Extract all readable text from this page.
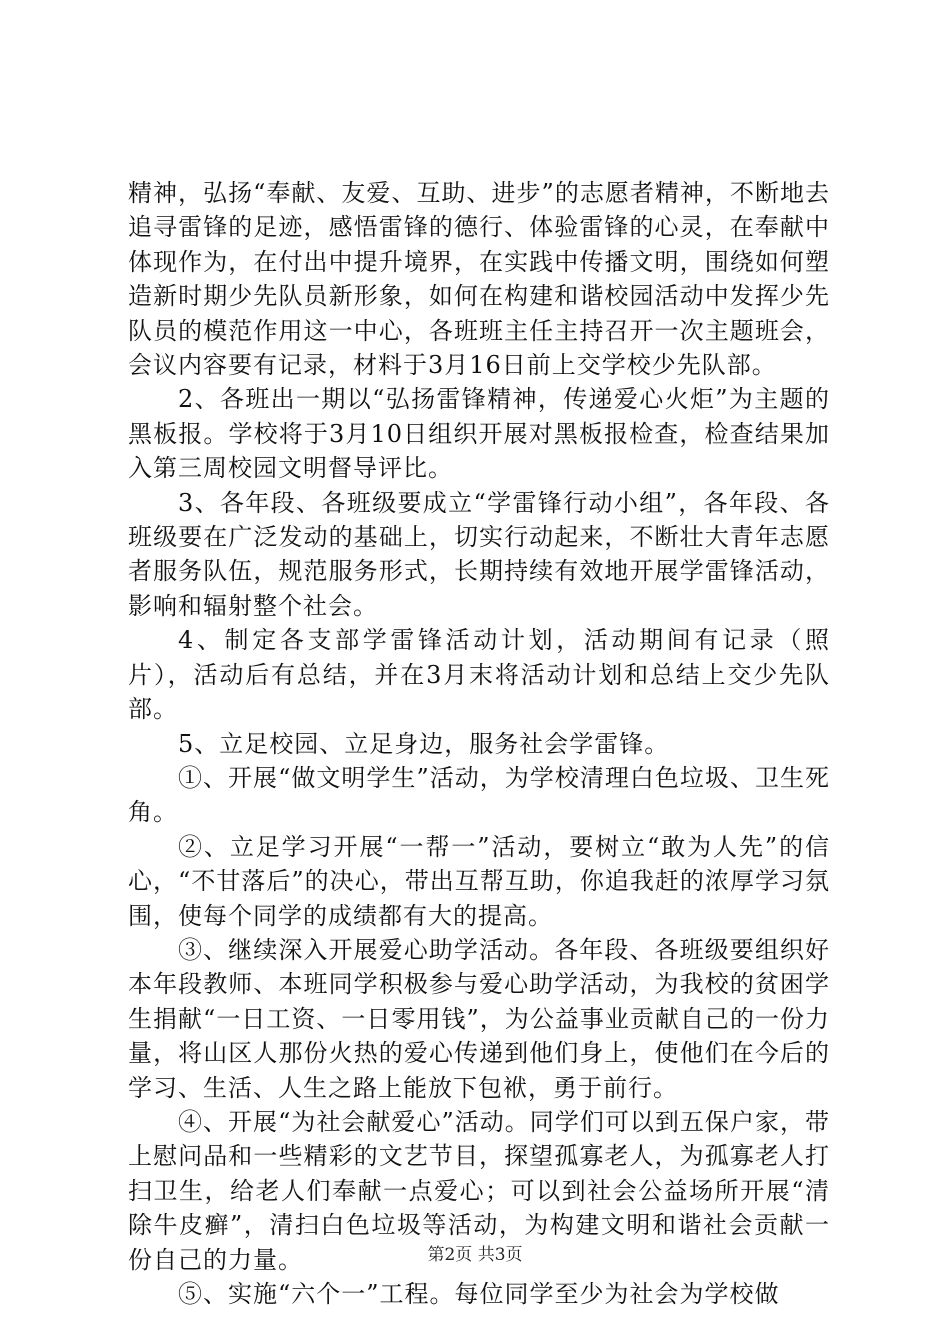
精神，弘扬“奉献、友爱、互助、进步”的志愿者精神，不断地去追寻雷锋的足迹，感悟雷锋的德行、体验雷锋的心灵，在奉献中体现作为，在付出中提升境界，在实践中传播文明，围绕如何塑造新时期少先队员新形象，如何在构建和谐校园活动中发挥少先队员的模范作用这一中心，各班班主任主持召开一次主题班会，会议内容要有记录，材料于3月16日前上交学校少先队部。

2、各班出一期以“弘扬雷锋精神，传递爱心火炬”为主题的黑板报。学校将于3月10日组织开展对黑板报检查，检查结果加入第三周校园文明督导评比。

3、各年段、各班级要成立“学雷锋行动小组”，各年段、各班级要在广泛发动的基础上，切实行动起来，不断壮大青年志愿者服务队伍，规范服务形式，长期持续有效地开展学雷锋活动，影响和辐射整个社会。

4、制定各支部学雷锋活动计划，活动期间有记录（照片），活动后有总结，并在3月末将活动计划和总结上交少先队部。

5、立足校园、立足身边，服务社会学雷锋。

①、开展“做文明学生”活动，为学校清理白色垃圾、卫生死角。

②、立足学习开展“一帮一”活动，要树立“敢为人先”的信心，“不甘落后”的决心，带出互帮互助，你追我赶的浓厚学习氛围，使每个同学的成绩都有大的提高。

③、继续深入开展爱心助学活动。各年段、各班级要组织好本年段教师、本班同学积极参与爱心助学活动，为我校的贫困学生捐献“一日工资、一日零用钱”，为公益事业贡献自己的一份力量，将山区人那份火热的爱心传递到他们身上，使他们在今后的学习、生活、人生之路上能放下包袱，勇于前行。

④、开展“为社会献爱心”活动。同学们可以到五保户家，带上慰问品和一些精彩的文艺节目，探望孤寡老人，为孤寡老人打扫卫生，给老人们奉献一点爱心；可以到社会公益场所开展“清除牛皮癣”，清扫白色垃圾等活动，为构建文明和谐社会贡献一份自己的力量。

⑤、实施“六个一”工程。每位同学至少为社会为学校做

第2页 共3页
